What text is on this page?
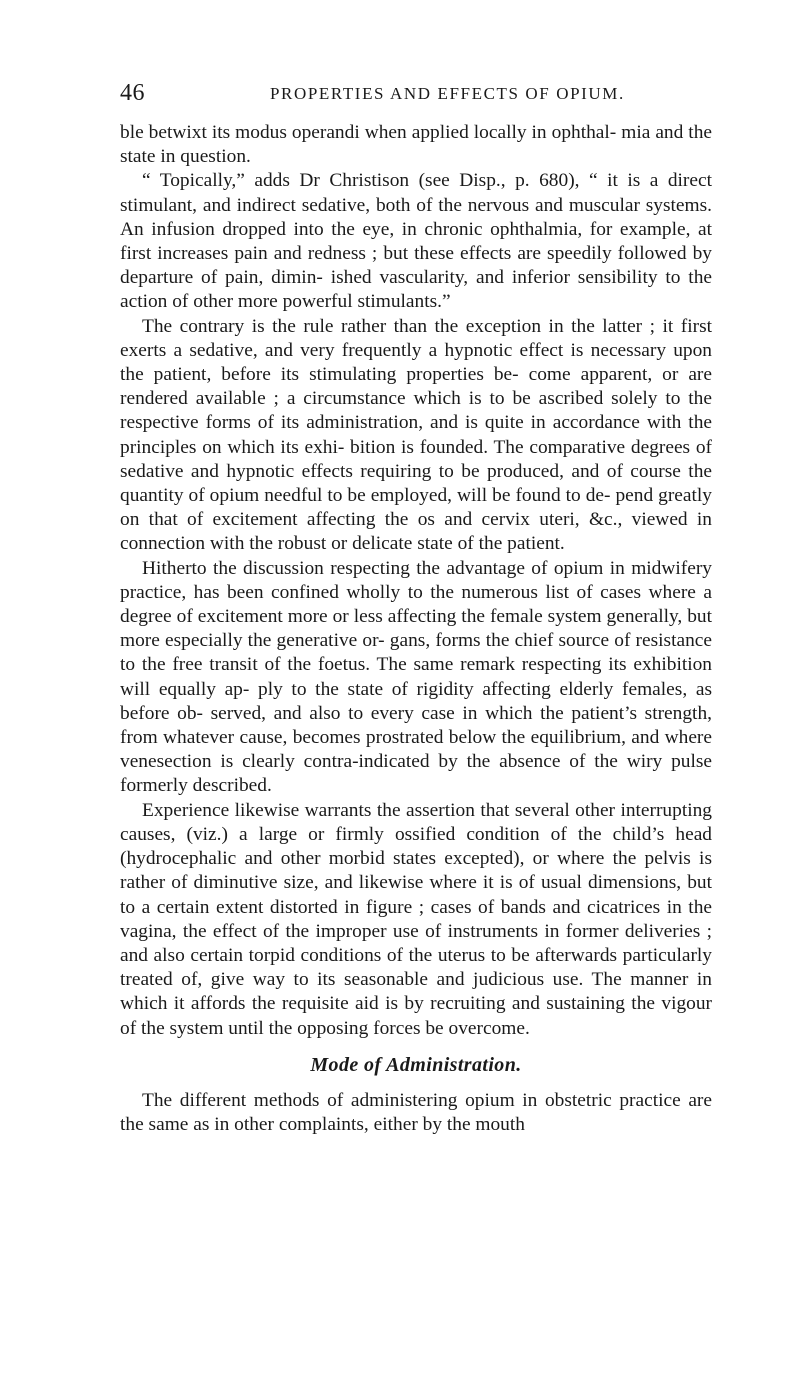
46	PROPERTIES AND EFFECTS OF OPIUM.

ble betwixt its modus operandi when applied locally in ophthal- mia and the state in question.

“ Topically,” adds Dr Christison (see Disp., p. 680), “ it is a direct stimulant, and indirect sedative, both of the nervous and muscular systems. An infusion dropped into the eye, in chronic ophthalmia, for example, at first increases pain and redness ; but these effects are speedily followed by departure of pain, dimin- ished vascularity, and inferior sensibility to the action of other more powerful stimulants.”

The contrary is the rule rather than the exception in the latter ; it first exerts a sedative, and very frequently a hypnotic effect is necessary upon the patient, before its stimulating properties be- come apparent, or are rendered available ; a circumstance which is to be ascribed solely to the respective forms of its administration, and is quite in accordance with the principles on which its exhi- bition is founded. The comparative degrees of sedative and hypnotic effects requiring to be produced, and of course the quantity of opium needful to be employed, will be found to de- pend greatly on that of excitement affecting the os and cervix uteri, &c., viewed in connection with the robust or delicate state of the patient.

Hitherto the discussion respecting the advantage of opium in midwifery practice, has been confined wholly to the numerous list of cases where a degree of excitement more or less affecting the female system generally, but more especially the generative or- gans, forms the chief source of resistance to the free transit of the foetus. The same remark respecting its exhibition will equally ap- ply to the state of rigidity affecting elderly females, as before ob- served, and also to every case in which the patient’s strength, from whatever cause, becomes prostrated below the equilibrium, and where venesection is clearly contra-indicated by the absence of the wiry pulse formerly described.

Experience likewise warrants the assertion that several other interrupting causes, (viz.) a large or firmly ossified condition of the child’s head (hydrocephalic and other morbid states excepted), or where the pelvis is rather of diminutive size, and likewise where it is of usual dimensions, but to a certain extent distorted in figure ; cases of bands and cicatrices in the vagina, the effect of the improper use of instruments in former deliveries ; and also certain torpid conditions of the uterus to be afterwards particularly treated of, give way to its seasonable and judicious use. The manner in which it affords the requisite aid is by recruiting and sustaining the vigour of the system until the opposing forces be overcome.

Mode of Administration.

The different methods of administering opium in obstetric practice are the same as in other complaints, either by the mouth
